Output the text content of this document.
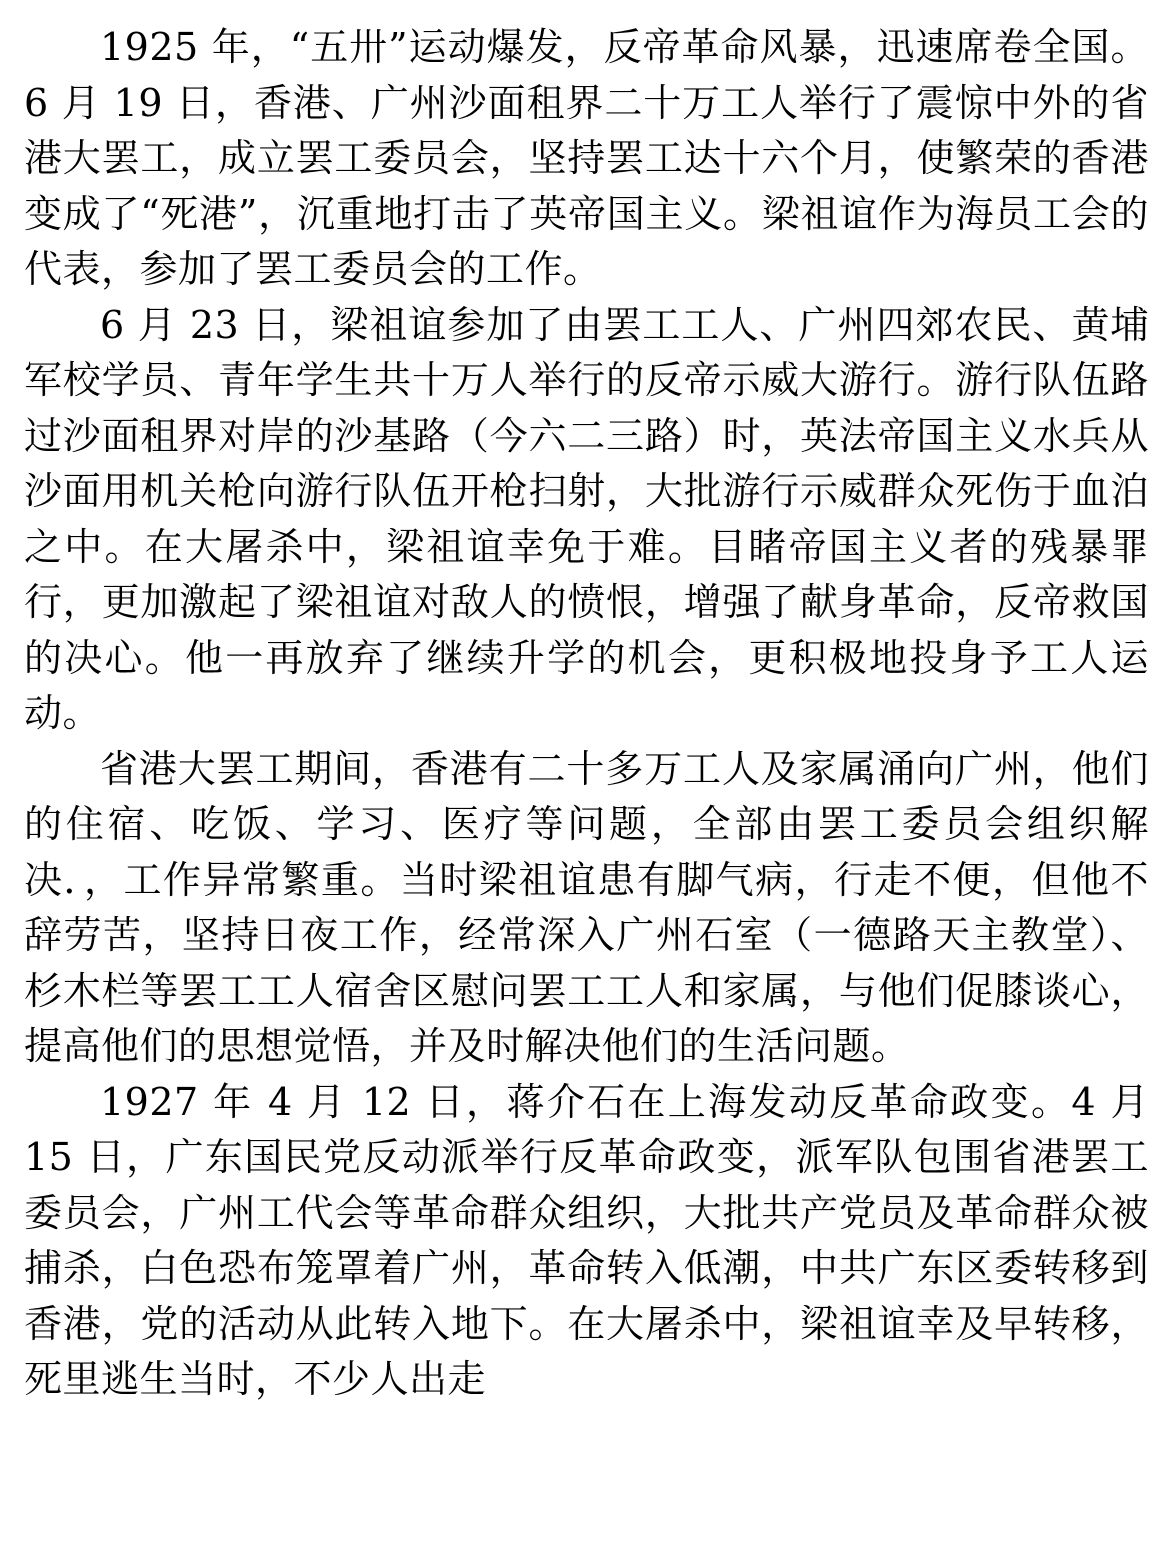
1925 年，“五卅”运动爆发，反帝革命风暴，迅速席卷全国。6 月 19 日，香港、广州沙面租界二十万工人举行了震惊中外的省港大罢工，成立罢工委员会，坚持罢工达十六个月，使繁荣的香港变成了“死港”，沉重地打击了英帝国主义。梁祖谊作为海员工会的代表，参加了罢工委员会的工作。

6 月 23 日，梁祖谊参加了由罢工工人、广州四郊农民、黄埔军校学员、青年学生共十万人举行的反帝示威大游行。游行队伍路过沙面租界对岸的沙基路（今六二三路）时，英法帝国主义水兵从沙面用机关枪向游行队伍开枪扫射，大批游行示威群众死伤于血泊之中。在大屠杀中，梁祖谊幸免于难。目睹帝国主义者的残暴罪行，更加激起了梁祖谊对敌人的愤恨，增强了献身革命，反帝救国的决心。他一再放弃了继续升学的机会，更积极地投身予工人运动。

省港大罢工期间，香港有二十多万工人及家属涌向广州，他们的住宿、吃饭、学习、医疗等问题，全部由罢工委员会组织解决．，工作异常繁重。当时梁祖谊患有脚气病，行走不便，但他不辞劳苦，坚持日夜工作，经常深入广州石室（一德路天主教堂）、杉木栏等罢工工人宿舍区慰问罢工工人和家属，与他们促膝谈心，提高他们的思想觉悟，并及时解决他们的生活问题。

1927 年 4 月 12 日，蒋介石在上海发动反革命政变。4 月 15 日，广东国民党反动派举行反革命政变，派军队包围省港罢工委员会，广州工代会等革命群众组织，大批共产党员及革命群众被捕杀，白色恐布笼罩着广州，革命转入低潮，中共广东区委转移到香港，党的活动从此转入地下。在大屠杀中，梁祖谊幸及早转移，死里逃生当时，不少人出走
